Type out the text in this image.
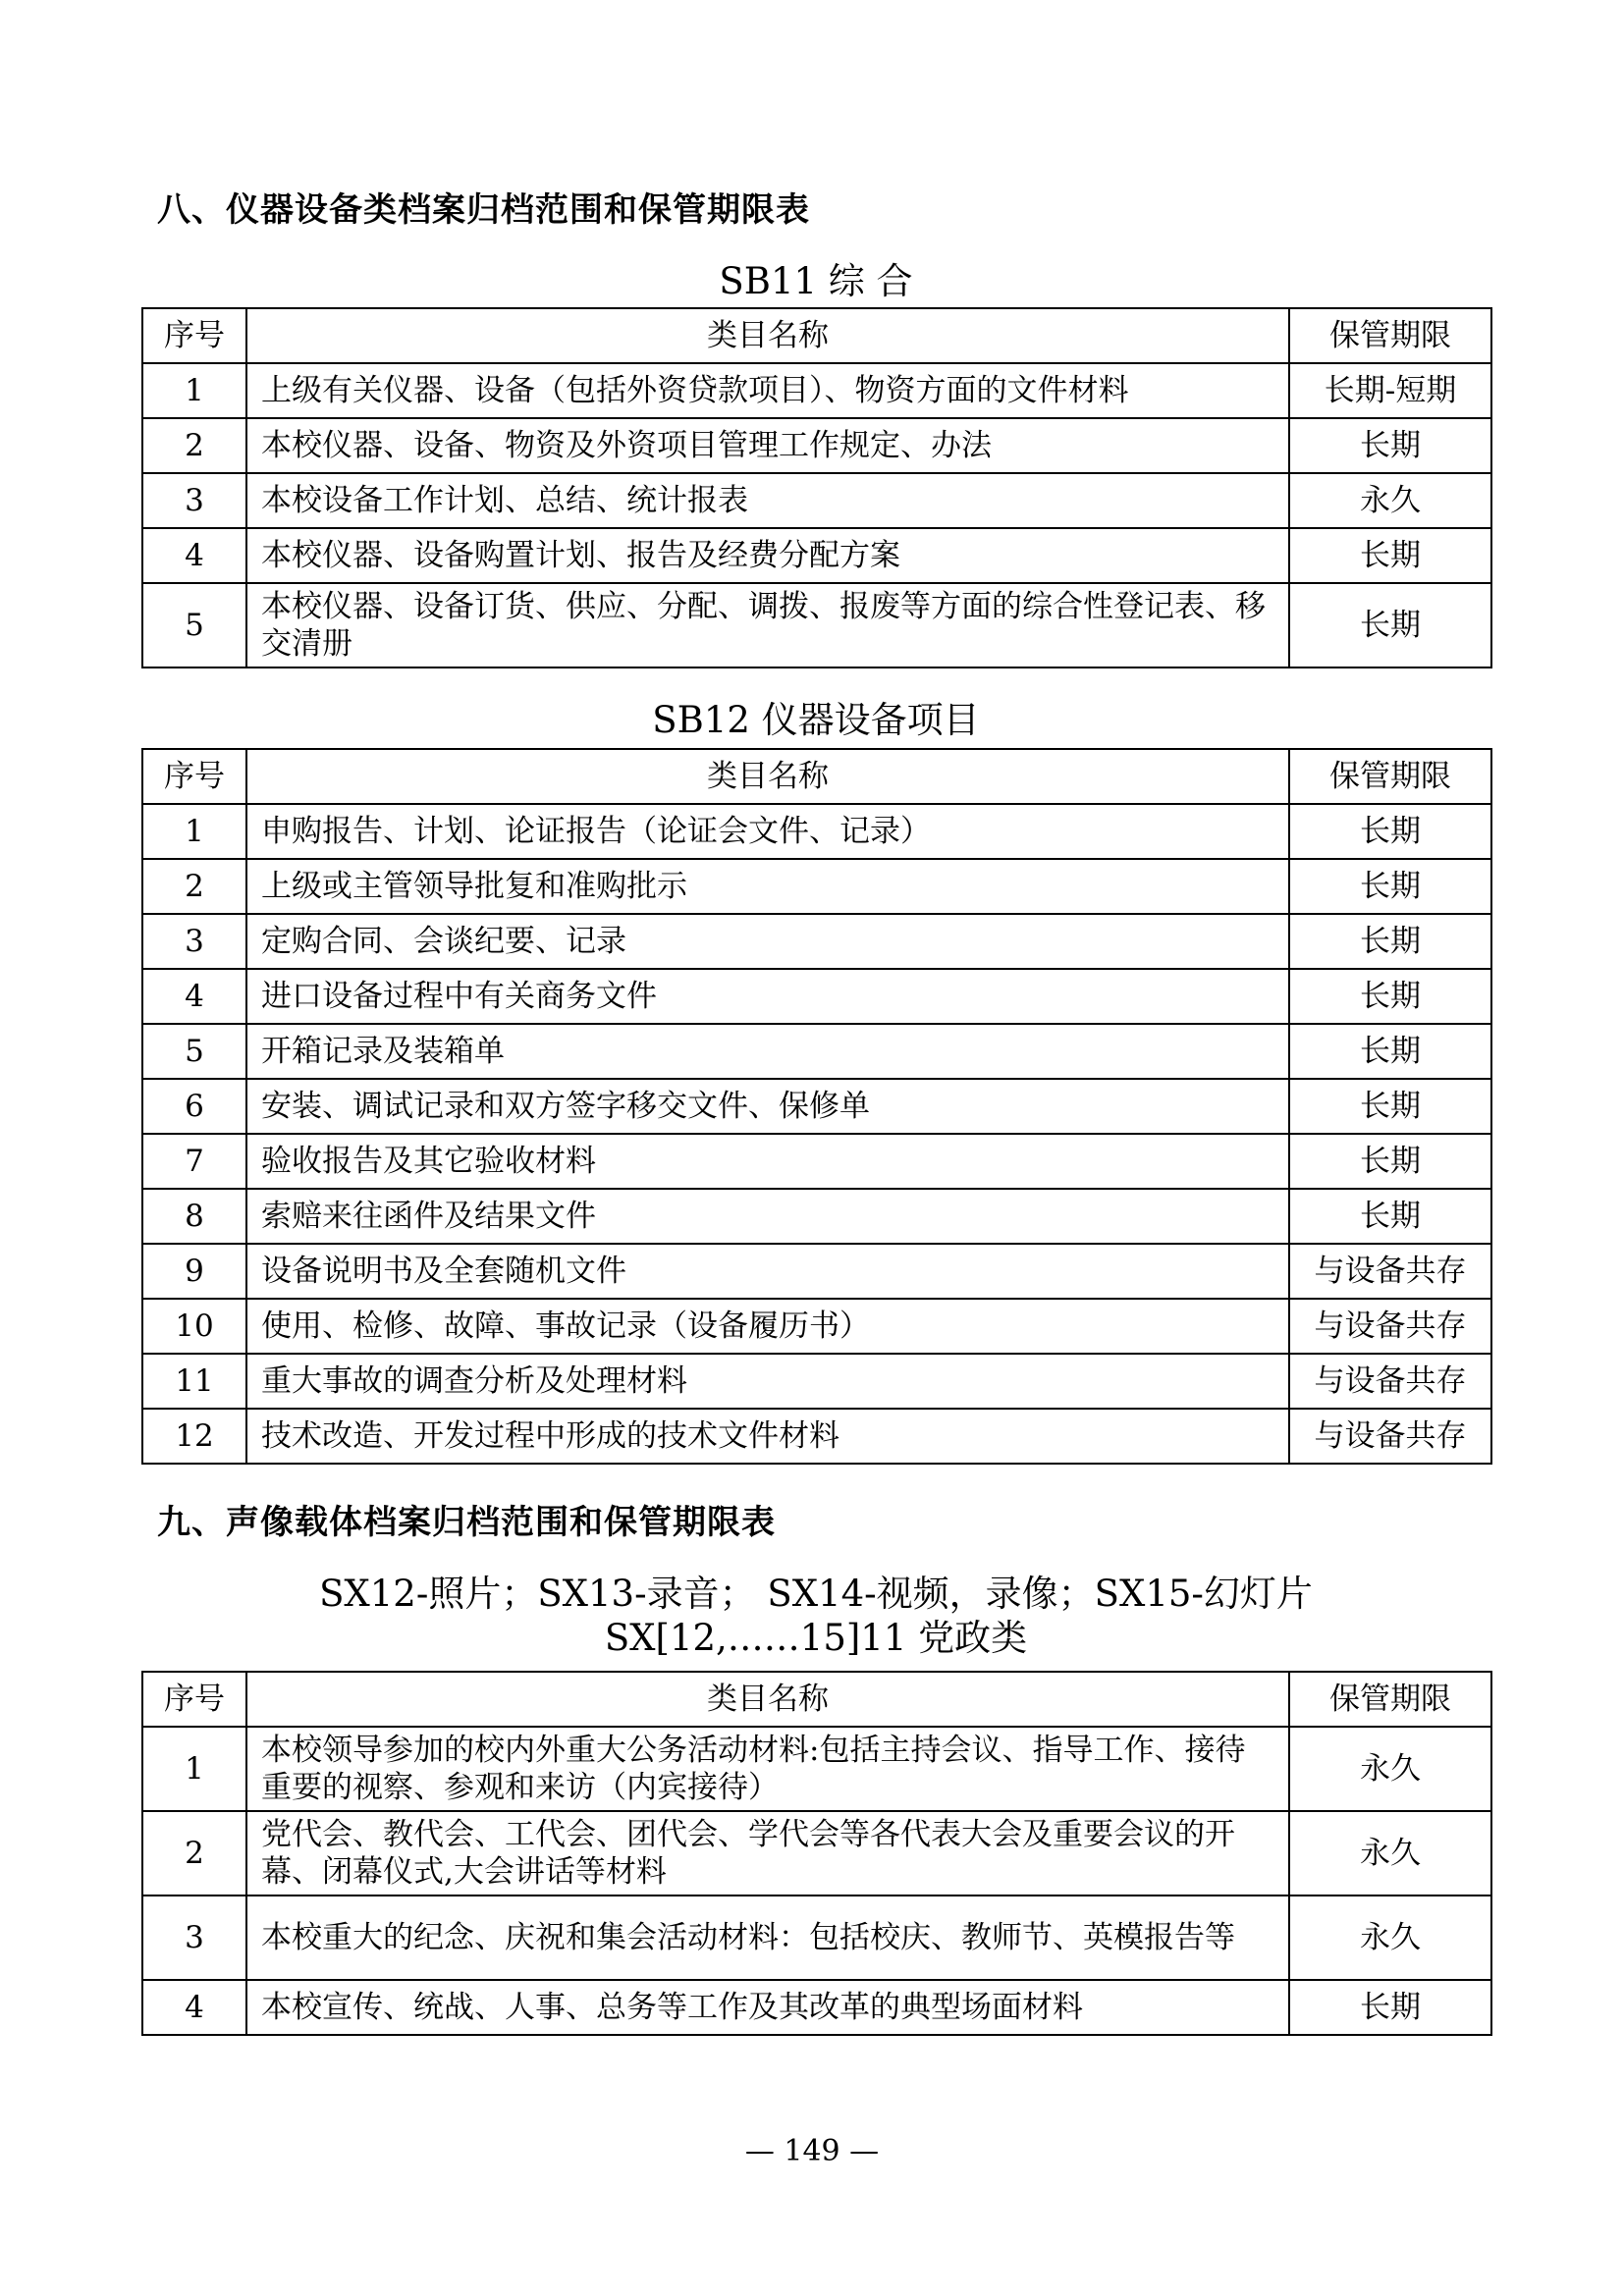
八、仪器设备类档案归档范围和保管期限表
SB11 综 合
序号	类目名称	保管期限
1	上级有关仪器、设备（包括外资贷款项目）、物资方面的文件材料	长期-短期
2	本校仪器、设备、物资及外资项目管理工作规定、办法	长期
3	本校设备工作计划、总结、统计报表	永久
4	本校仪器、设备购置计划、报告及经费分配方案	长期
5	本校仪器、设备订货、供应、分配、调拨、报废等方面的综合性登记表、移交清册	长期
SB12 仪器设备项目
序号	类目名称	保管期限
1	申购报告、计划、论证报告（论证会文件、记录）	长期
2	上级或主管领导批复和准购批示	长期
3	定购合同、会谈纪要、记录	长期
4	进口设备过程中有关商务文件	长期
5	开箱记录及装箱单	长期
6	安装、调试记录和双方签字移交文件、保修单	长期
7	验收报告及其它验收材料	长期
8	索赔来往函件及结果文件	长期
9	设备说明书及全套随机文件	与设备共存
10	使用、检修、故障、事故记录（设备履历书）	与设备共存
11	重大事故的调查分析及处理材料	与设备共存
12	技术改造、开发过程中形成的技术文件材料	与设备共存
九、声像载体档案归档范围和保管期限表
SX12-照片；SX13-录音； SX14-视频，录像；SX15-幻灯片
SX[12,……15]11 党政类
序号	类目名称	保管期限
1	本校领导参加的校内外重大公务活动材料:包括主持会议、指导工作、接待重要的视察、参观和来访（内宾接待）	永久
2	党代会、教代会、工代会、团代会、学代会等各代表大会及重要会议的开幕、闭幕仪式,大会讲话等材料	永久
3	本校重大的纪念、庆祝和集会活动材料：包括校庆、教师节、英模报告等	永久
4	本校宣传、统战、人事、总务等工作及其改革的典型场面材料	长期
— 149 —
